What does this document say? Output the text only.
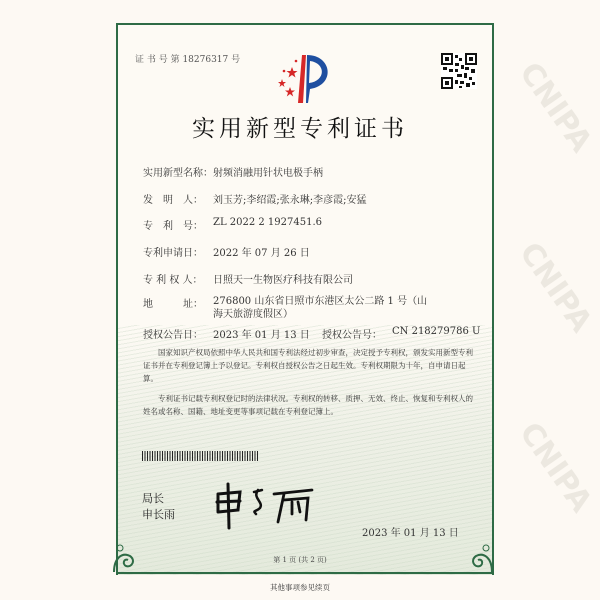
CNIPA
CNIPA
CNIPA
证 书 号 第 18276317 号
实用新型专利证书
实用新型名称：射频消融用针状电极手柄
发　明　人： 刘玉芳;李绍霞;张永琳;李彦霞;安猛
专　利　号： ZL 2022 2 1927451.6
专利申请日： 2022 年 07 月 26 日
专 利 权 人： 日照天一生物医疗科技有限公司
地　　　址： 276800 山东省日照市东港区太公二路 1 号（山海天旅游度假区）
授权公告日： 2023 年 01 月 13 日 授权公告号： CN 218279786 U
国家知识产权局依照中华人民共和国专利法经过初步审查，决定授予专利权，颁发实用新型专利证书并在专利登记簿上予以登记。专利权自授权公告之日起生效。专利权期限为十年，自申请日起算。
专利证书记载专利权登记时的法律状况。专利权的转移、质押、无效、终止、恢复和专利权人的姓名或名称、国籍、地址变更等事项记载在专利登记簿上。
局长
申长雨
2023 年 01 月 13 日
第 1 页 (共 2 页)
其他事项参见续页
